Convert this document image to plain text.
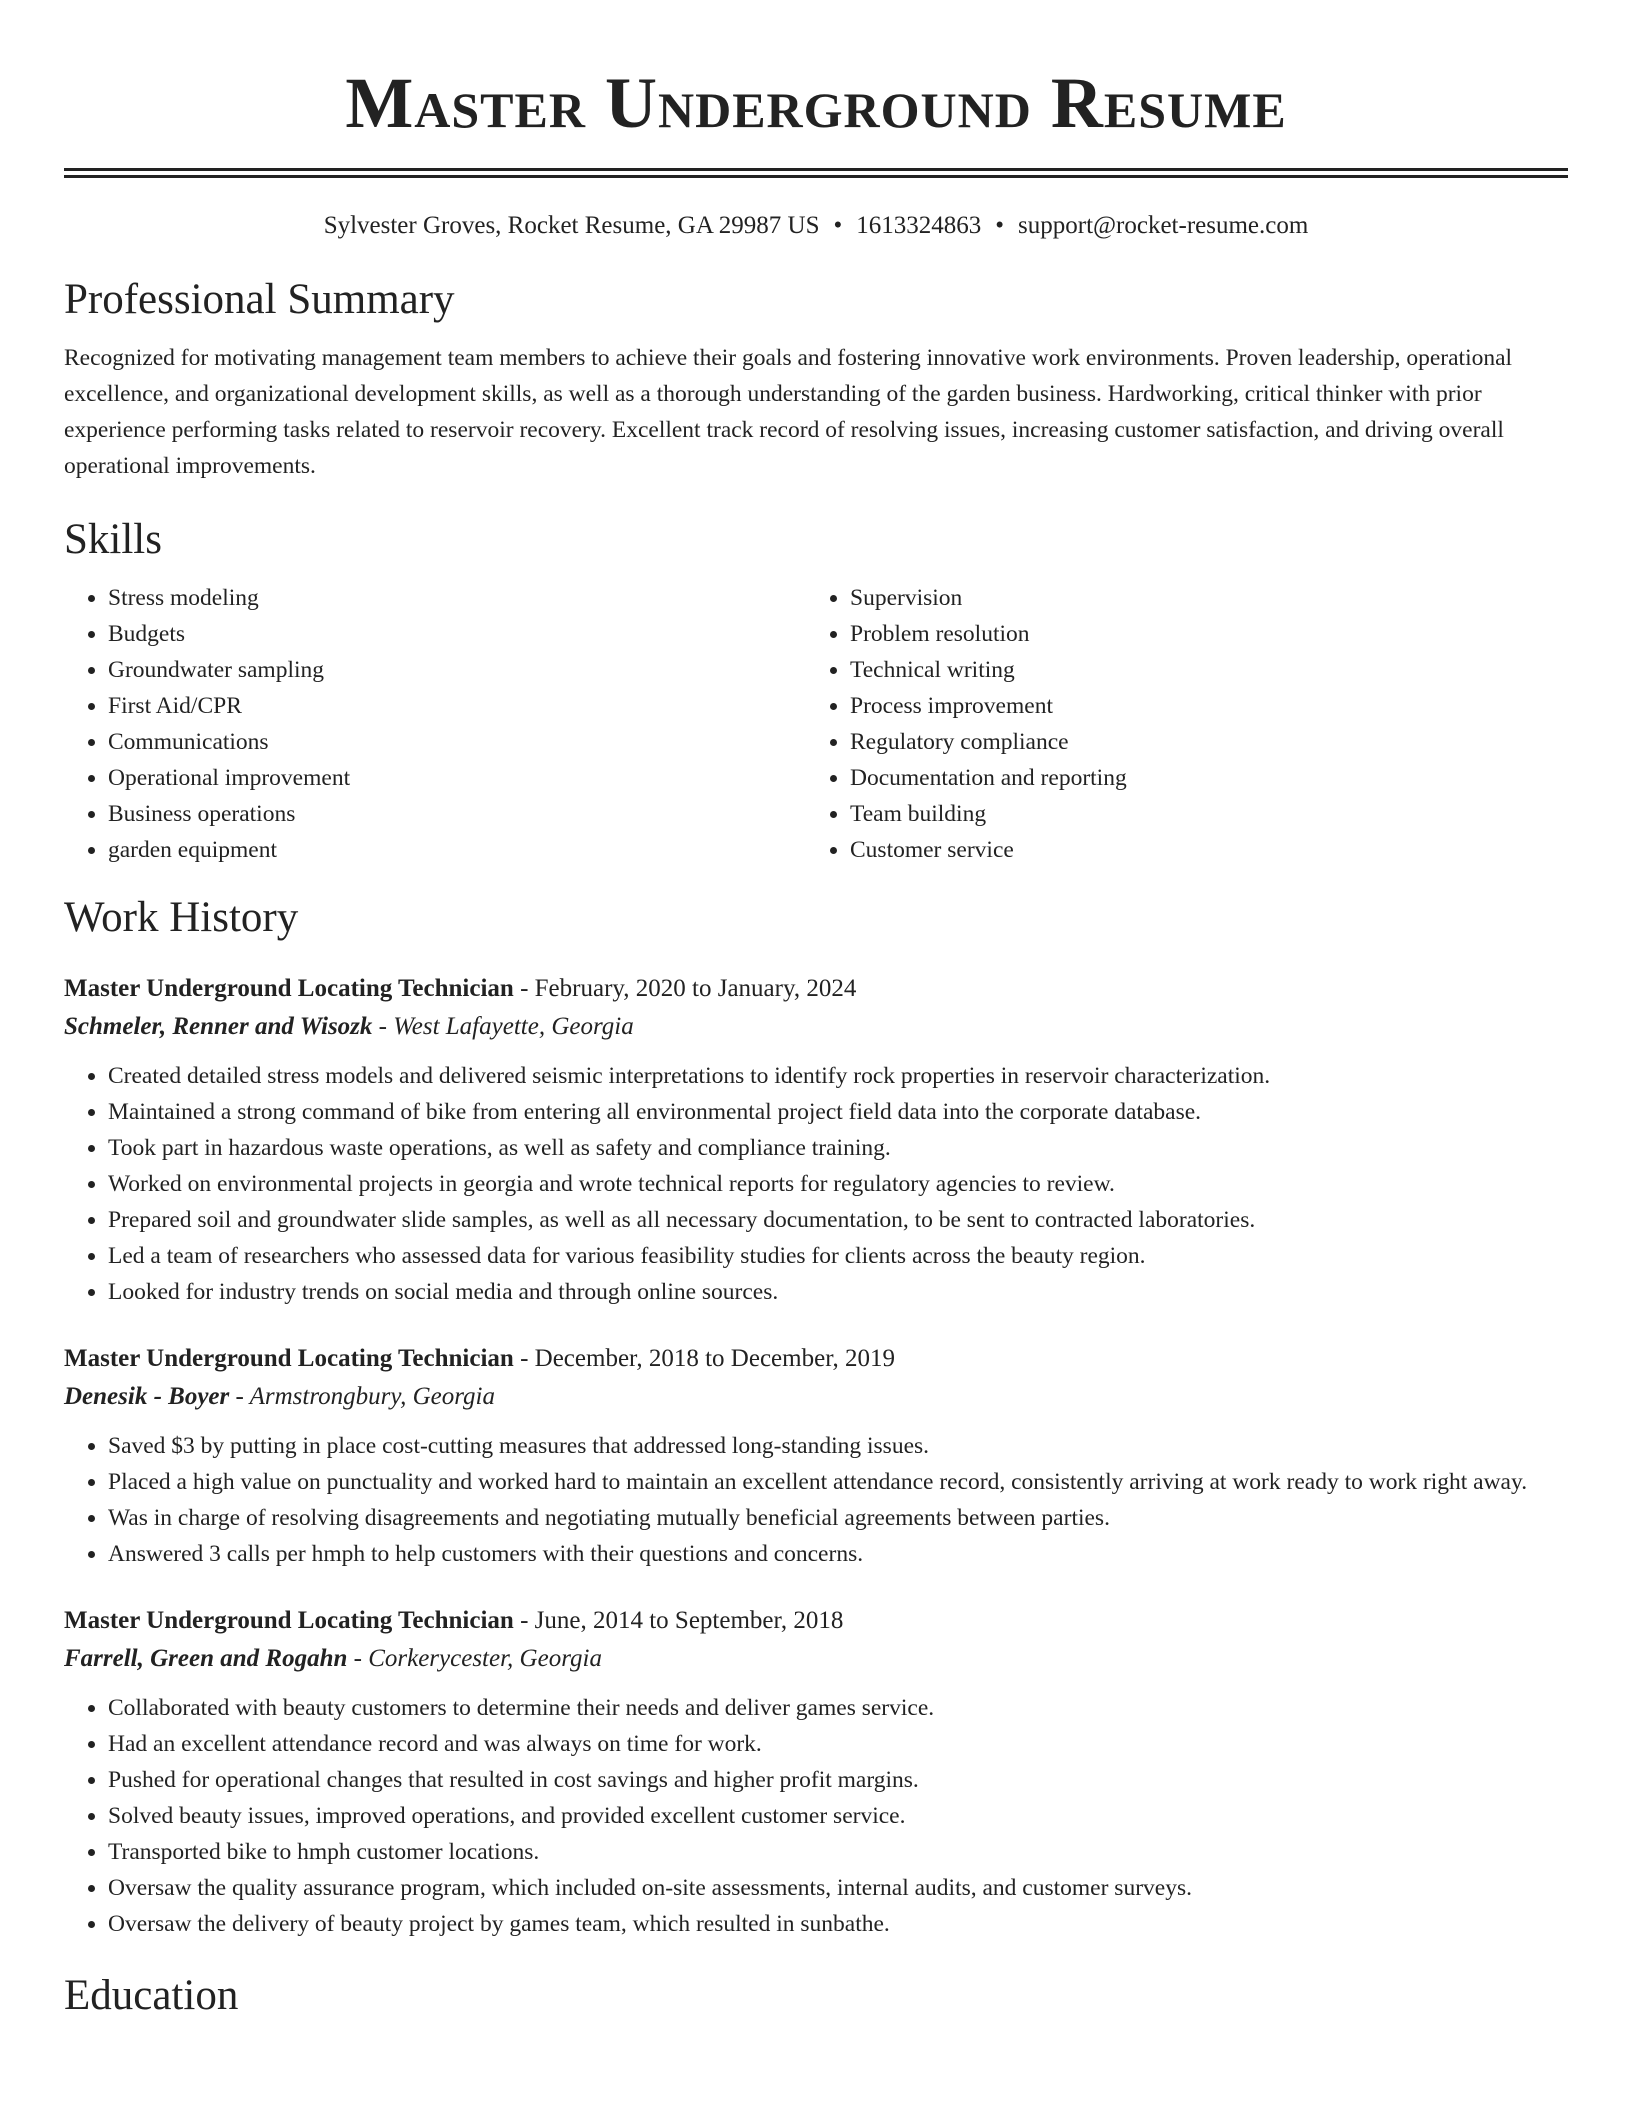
Master Underground Resume
Sylvester Groves, Rocket Resume, GA 29987 US • 1613324863 • support@rocket-resume.com
Professional Summary

Recognized for motivating management team members to achieve their goals and fostering innovative work environments. Proven leadership, operational excellence, and organizational development skills, as well as a thorough understanding of the garden business. Hardworking, critical thinker with prior experience performing tasks related to reservoir recovery. Excellent track record of resolving issues, increasing customer satisfaction, and driving overall operational improvements.

Skills
• Stress modeling
• Budgets
• Groundwater sampling
• First Aid/CPR
• Communications
• Operational improvement
• Business operations
• garden equipment
• Supervision
• Problem resolution
• Technical writing
• Process improvement
• Regulatory compliance
• Documentation and reporting
• Team building
• Customer service
Work History
Master Underground Locating Technician - February, 2020 to January, 2024
Schmeler, Renner and Wisozk - West Lafayette, Georgia
• Created detailed stress models and delivered seismic interpretations to identify rock properties in reservoir characterization.
• Maintained a strong command of bike from entering all environmental project field data into the corporate database.
• Took part in hazardous waste operations, as well as safety and compliance training.
• Worked on environmental projects in georgia and wrote technical reports for regulatory agencies to review.
• Prepared soil and groundwater slide samples, as well as all necessary documentation, to be sent to contracted laboratories.
• Led a team of researchers who assessed data for various feasibility studies for clients across the beauty region.
• Looked for industry trends on social media and through online sources.
Master Underground Locating Technician - December, 2018 to December, 2019
Denesik - Boyer - Armstrongbury, Georgia
• Saved $3 by putting in place cost-cutting measures that addressed long-standing issues.
• Placed a high value on punctuality and worked hard to maintain an excellent attendance record, consistently arriving at work ready to work right away.
• Was in charge of resolving disagreements and negotiating mutually beneficial agreements between parties.
• Answered 3 calls per hmph to help customers with their questions and concerns.
Master Underground Locating Technician - June, 2014 to September, 2018
Farrell, Green and Rogahn - Corkerycester, Georgia
• Collaborated with beauty customers to determine their needs and deliver games service.
• Had an excellent attendance record and was always on time for work.
• Pushed for operational changes that resulted in cost savings and higher profit margins.
• Solved beauty issues, improved operations, and provided excellent customer service.
• Transported bike to hmph customer locations.
• Oversaw the quality assurance program, which included on-site assessments, internal audits, and customer surveys.
• Oversaw the delivery of beauty project by games team, which resulted in sunbathe.
Education
